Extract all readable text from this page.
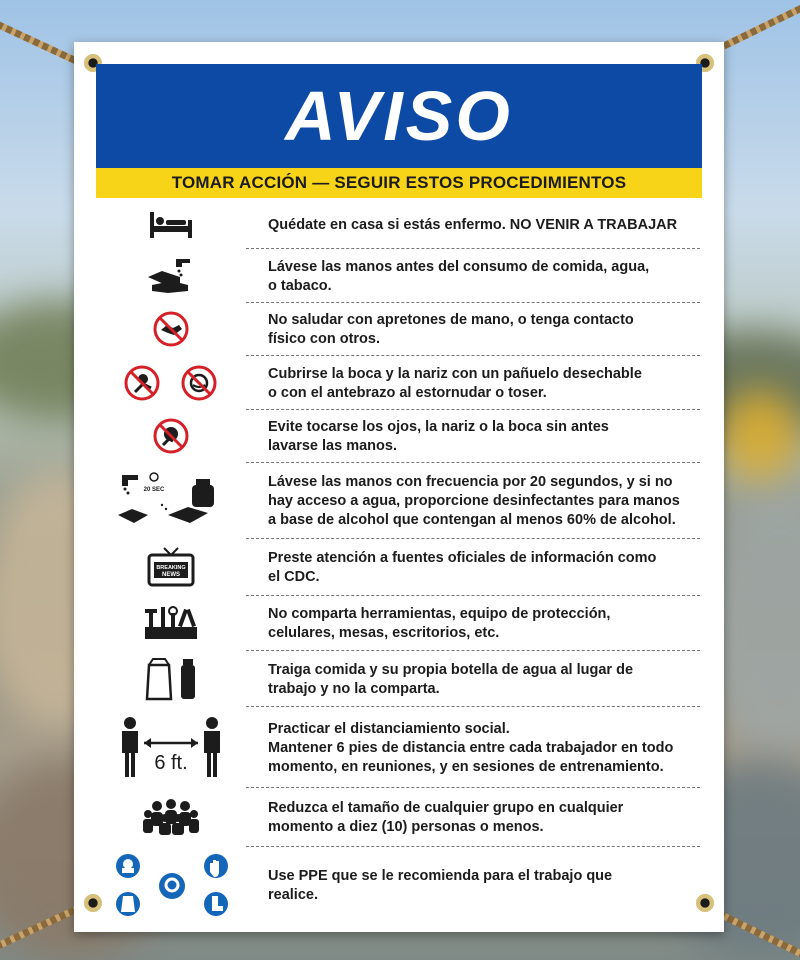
AVISO
TOMAR ACCIÓN — SEGUIR ESTOS PROCEDIMIENTOS
Quédate en casa si estás enfermo. NO VENIR A TRABAJAR
Lávese las manos antes del consumo de comida, agua,
o tabaco.
No saludar con apretones de mano, o tenga contacto
físico con otros.
Cubrirse la boca y la nariz con un pañuelo desechable
o con el antebrazo al estornudar o toser.
Evite tocarse los ojos, la nariz o la boca sin antes
lavarse las manos.
20 SEC	Lávese las manos con frecuencia por 20 segundos, y si no
hay acceso a agua, proporcione desinfectantes para manos
a base de alcohol que contengan al menos 60% de alcohol.
BREAKING
NEWS
Preste atención a fuentes oficiales de información como
el CDC.
No comparta herramientas, equipo de protección,
celulares, mesas, escritorios, etc.
Traiga comida y su propia botella de agua al lugar de
trabajo y no la comparta.
6 ft.
Practicar el distanciamiento social.
Mantener 6 pies de distancia entre cada trabajador en todo
momento, en reuniones, y en sesiones de entrenamiento.
Reduzca el tamaño de cualquier grupo en cualquier
momento a diez (10) personas o menos.
Use PPE que se le recomienda para el trabajo que
realice.
